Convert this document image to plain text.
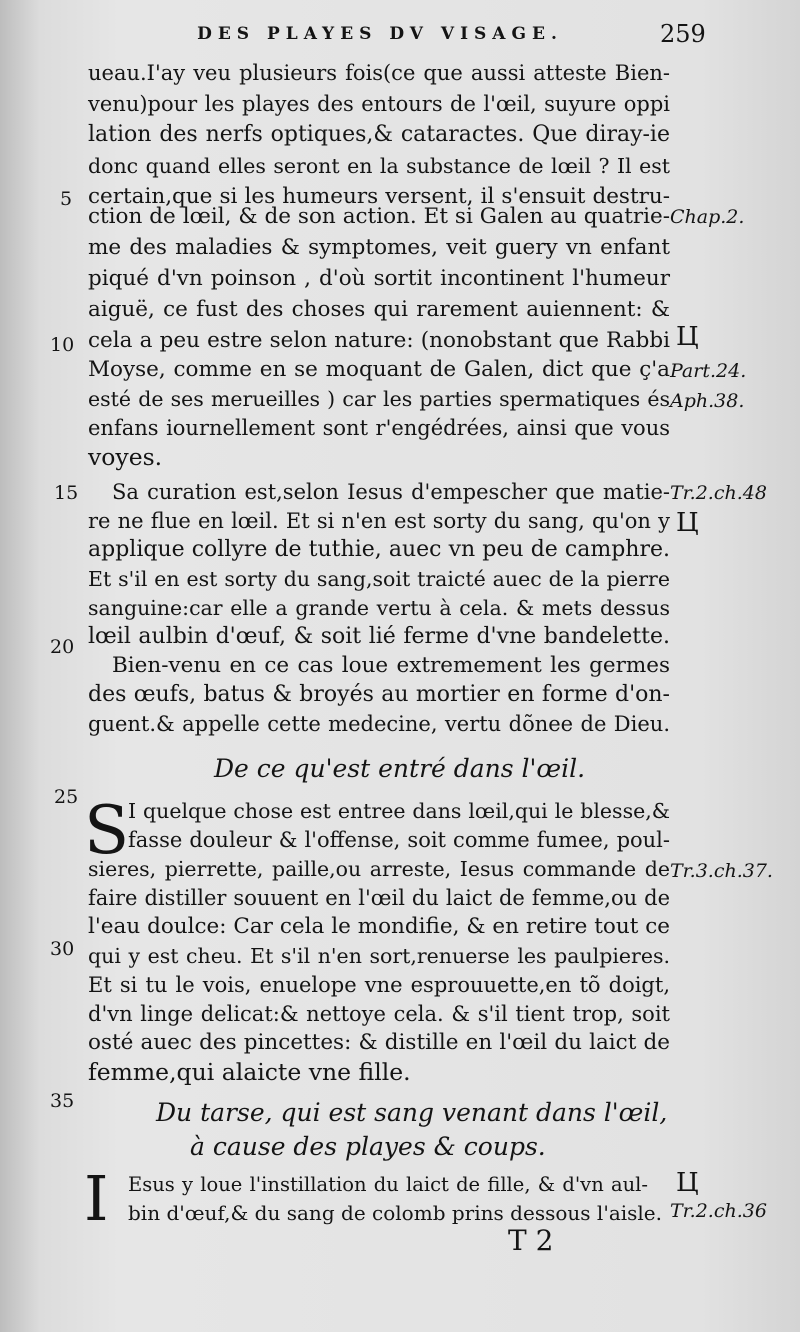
DES PLAYES DV VISAGE.	259
ueau.I'ay veu plusieurs fois(ce que aussi atteste Bien-
venu)pour les playes des entours de l'œil, suyure oppi
lation des nerfs optiques,& cataractes. Que diray-ie
donc quand elles seront en la substance de lœil ? Il est
certain,que si les humeurs versent, il s'ensuit destru-
ction de lœil, & de son action. Et si Galen au quatrie-
me des maladies & symptomes, veit guery vn enfant
piqué d'vn poinson , d'où sortit incontinent l'humeur
aiguë, ce fust des choses qui rarement auiennent: &
cela a peu estre selon nature: (nonobstant que Rabbi
Moyse, comme en se moquant de Galen, dict que ç'a
esté de ses merueilles ) car les parties spermatiques és
enfans iournellement sont r'engédrées, ainsi que vous
voyes.
Sa curation est,selon Iesus d'empescher que matie-
re ne flue en lœil. Et si n'en est sorty du sang, qu'on y
applique collyre de tuthie, auec vn peu de camphre.
Et s'il en est sorty du sang,soit traicté auec de la pierre
sanguine:car elle a grande vertu à cela. & mets dessus
lœil aulbin d'œuf, & soit lié ferme d'vne bandelette.
Bien-venu en ce cas loue extremement les germes
des œufs, batus & broyés au mortier en forme d'on-
guent.& appelle cette medecine, vertu dõnee de Dieu.
De ce qu'est entré dans l'œil.
S
I quelque chose est entree dans lœil,qui le blesse,&
fasse douleur & l'offense, soit comme fumee, poul-
sieres, pierrette, paille,ou arreste, Iesus commande de
faire distiller souuent en l'œil du laict de femme,ou de
l'eau doulce: Car cela le mondifie, & en retire tout ce
qui y est cheu. Et s'il n'en sort,renuerse les paulpieres.
Et si tu le vois, enuelope vne esprouuette,en tõ doigt,
d'vn linge delicat:& nettoye cela. & s'il tient trop, soit
osté auec des pincettes: & distille en l'œil du laict de
femme,qui alaicte vne fille.
Du tarse, qui est sang venant dans l'œil,
à cause des playes & coups.
I Esus y loue l'instillation du laict de fille, & d'vn aul-
bin d'œuf,& du sang de colomb prins dessous l'aisle.
5
10
15
20
25
30
35
Chap.2.
Part.24.
Aph.38.
Tr.2.ch.48
Tr.3.ch.37.
Tr.2.ch.36
Ц
Ц
Ц
T 2
